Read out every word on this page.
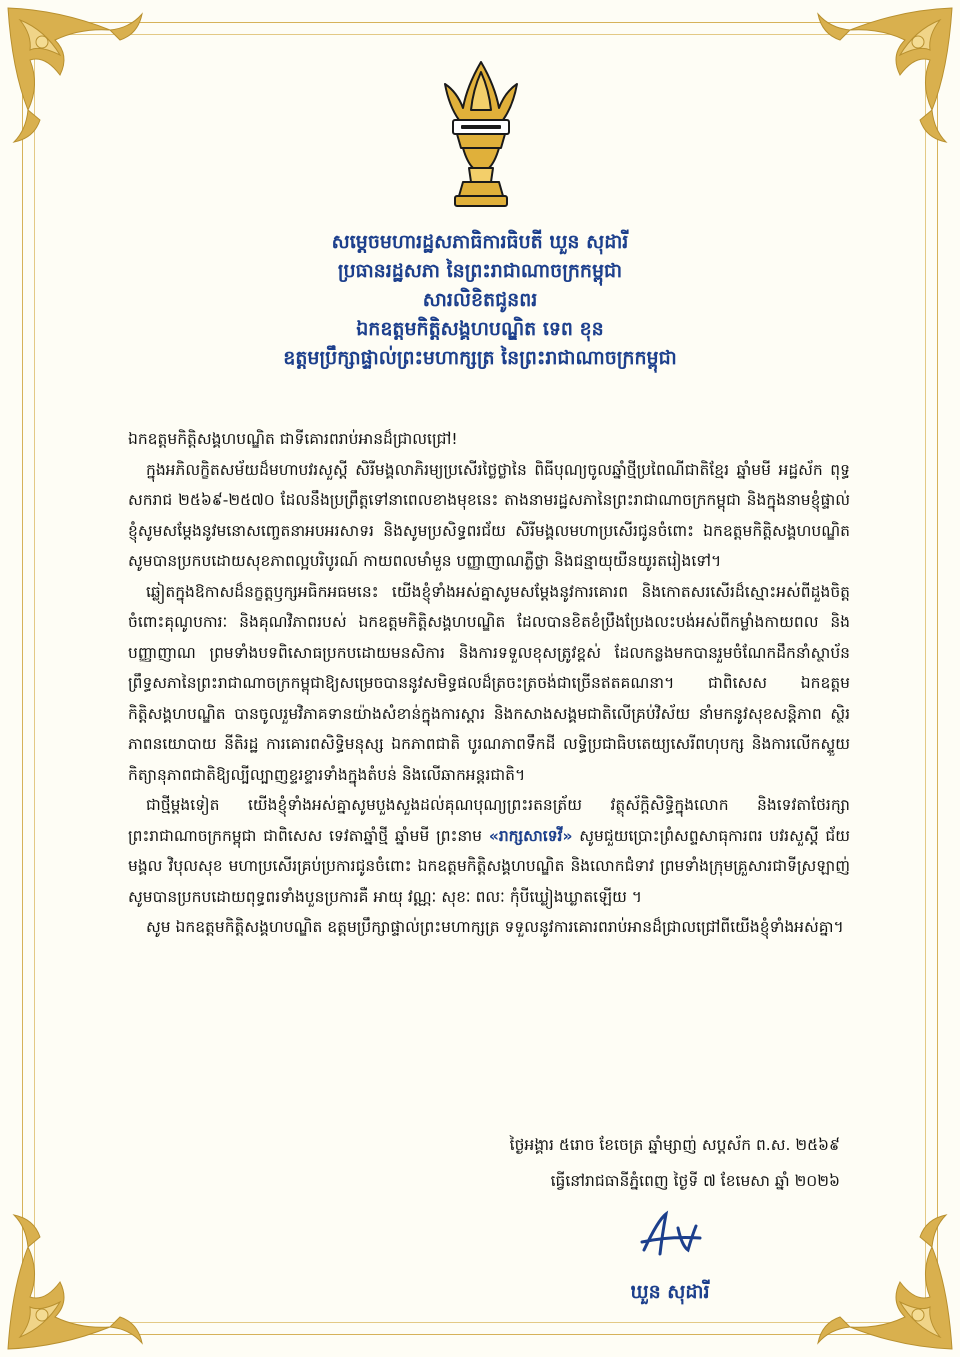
សម្ដេចមហារដ្ឋសភាធិការធិបតី ឃួន សុដារី
ប្រធានរដ្ឋសភា នៃព្រះរាជាណាចក្រកម្ពុជា
សារលិខិតជូនពរ
ឯកឧត្ដមកិត្តិសង្គហបណ្ឌិត ទេព ខុន
ឧត្ដមប្រឹក្សាផ្ទាល់ព្រះមហាក្សត្រ នៃព្រះរាជាណាចក្រកម្ពុជា

ឯកឧត្ដមកិត្តិសង្គហបណ្ឌិត ជាទីគោរពរាប់អានដ៏ជ្រាលជ្រៅ!

ក្នុងអភិលក្ខិតសម័យដ៏មហាបវរសួស្ដី សិរីមង្គលាភិរម្យប្រសើរថ្លៃថ្លានៃ ពិធីបុណ្យចូលឆ្នាំថ្មីប្រពៃណីជាតិខ្មែរ ឆ្នាំមមី អដ្ឋស័ក ពុទ្ធសករាជ ២៥៦៩-២៥៧០ ដែលនឹងប្រព្រឹត្តទៅនាពេលខាងមុខនេះ តាងនាមរដ្ឋសភានៃព្រះរាជាណាចក្រកម្ពុជា និងក្នុងនាមខ្ញុំផ្ទាល់ ខ្ញុំសូមសម្ដែងនូវមនោសញ្ចេតនាអបអរសាទរ និងសូមប្រសិទ្ធពរជ័យ សិរីមង្គលមហាប្រសើរជូនចំពោះ ឯកឧត្ដមកិត្តិសង្គហបណ្ឌិត សូមបានប្រកបដោយសុខភាពល្អបរិបូរណ៍ កាយពលមាំមួន បញ្ញាញាណភ្លឺថ្លា និងជន្មាយុយឺនយូរតរៀងទៅ។

ឆ្លៀតក្នុងឱកាសដ៏នក្ខត្តឫក្សអធិកអធមនេះ យើងខ្ញុំទាំងអស់គ្នាសូមសម្ដែងនូវការគោរព និងកោតសរសើរដ៏ស្មោះអស់ពីដួងចិត្តចំពោះគុណូបការៈ និងគុណវិភាពរបស់ ឯកឧត្ដមកិត្តិសង្គហបណ្ឌិត ដែលបានខិតខំប្រឹងប្រែងលះបង់អស់ពីកម្លាំងកាយពល និងបញ្ញាញាណ ព្រមទាំងបទពិសោធប្រកបដោយមនសិការ និងការទទួលខុសត្រូវខ្ពស់ ដែលកន្លងមកបានរួមចំណែកដឹកនាំស្ថាប័នព្រឹទ្ធសភានៃព្រះរាជាណាចក្រកម្ពុជាឱ្យសម្រេចបាននូវសមិទ្ធផលដ៏ត្រចះត្រចង់ជាច្រើនឥតគណនា។ ជាពិសេស ឯកឧត្ដមកិត្តិសង្គហបណ្ឌិត បានចូលរួមវិភាគទានយ៉ាងសំខាន់ក្នុងការស្ដារ និងកសាងសង្គមជាតិលើគ្រប់វិស័យ នាំមកនូវសុខសន្តិភាព ស្ថិរភាពនយោបាយ នីតិរដ្ឋ ការគោរពសិទ្ធិមនុស្ស ឯកភាពជាតិ បូរណភាពទឹកដី លទ្ធិប្រជាធិបតេយ្យសេរីពហុបក្ស និងការលើកស្ទួយកិត្យានុភាពជាតិឱ្យល្បីល្បាញខ្ទរខ្ទារទាំងក្នុងតំបន់ និងលើឆាកអន្តរជាតិ។

ជាថ្មីម្ដងទៀត យើងខ្ញុំទាំងអស់គ្នាសូមបួងសួងដល់គុណបុណ្យព្រះរតនត្រ័យ វត្ថុស័ក្ដិសិទ្ធិក្នុងលោក និងទេវតាថែរក្សាព្រះរាជាណាចក្រកម្ពុជា ជាពិសេស ទេវតាឆ្នាំថ្មី ឆ្នាំមមី ព្រះនាម «រាក្សសាទេវី» សូមជួយប្រោះព្រំសព្ទសាធុការពរ បវរសួស្ដី ជ័យមង្គល វិបុលសុខ មហាប្រសើរគ្រប់ប្រការជូនចំពោះ ឯកឧត្ដមកិត្តិសង្គហបណ្ឌិត និងលោកជំទាវ ព្រមទាំងក្រុមគ្រួសារជាទីស្រឡាញ់ សូមបានប្រកបដោយពុទ្ធពរទាំងបួនប្រការគឺ អាយុ វណ្ណៈ សុខៈ ពលៈ កុំបីឃ្លៀងឃ្លាតឡើយ ។

សូម ឯកឧត្ដមកិត្តិសង្គហបណ្ឌិត ឧត្ដមប្រឹក្សាផ្ទាល់ព្រះមហាក្សត្រ ទទួលនូវការគោរពរាប់អានដ៏ជ្រាលជ្រៅពីយើងខ្ញុំទាំងអស់គ្នា។

ថ្ងៃអង្គារ ៥រោច ខែចេត្រ ឆ្នាំម្សាញ់ សប្តស័ក ព.ស. ២៥៦៩
ធ្វើនៅរាជធានីភ្នំពេញ ថ្ងៃទី ៧ ខែមេសា ឆ្នាំ ២០២៦
ឃួន សុដារី
